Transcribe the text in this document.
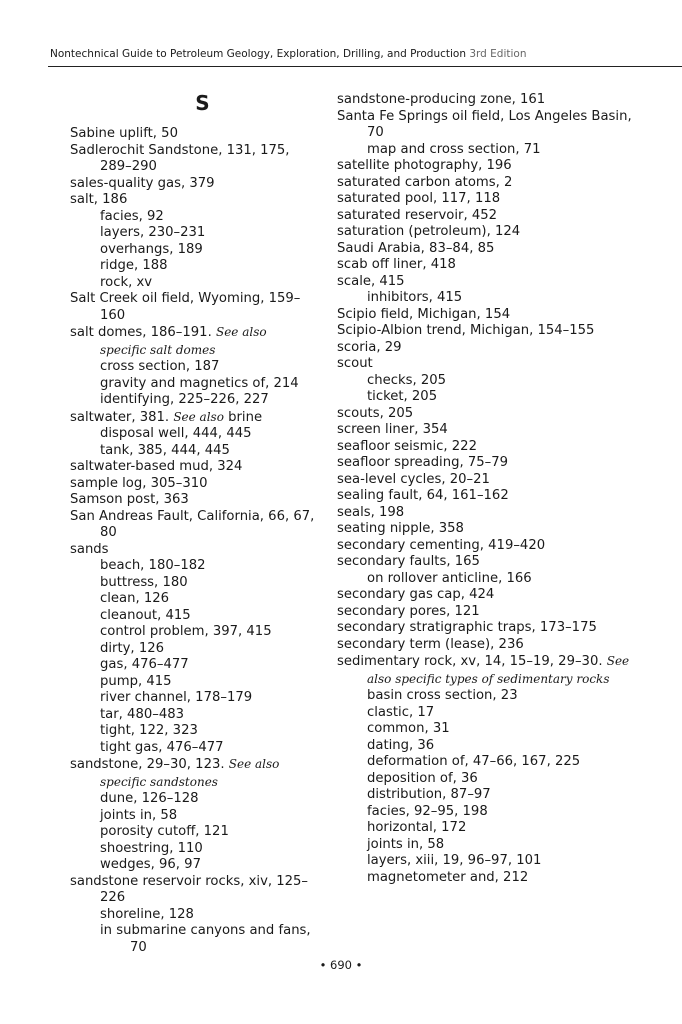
Nontechnical Guide to Petroleum Geology, Exploration, Drilling, and Production 3rd Edition
S
Sabine uplift, 50
Sadlerochit Sandstone, 131, 175, 289–290
sales-quality gas, 379
salt, 186
facies, 92
layers, 230–231
overhangs, 189
ridge, 188
rock, xv
Salt Creek oil field, Wyoming, 159–160
salt domes, 186–191. See also specific salt domes
cross section, 187
gravity and magnetics of, 214
identifying, 225–226, 227
saltwater, 381. See also brine
disposal well, 444, 445
tank, 385, 444, 445
saltwater-based mud, 324
sample log, 305–310
Samson post, 363
San Andreas Fault, California, 66, 67, 80
sands
beach, 180–182
buttress, 180
clean, 126
cleanout, 415
control problem, 397, 415
dirty, 126
gas, 476–477
pump, 415
river channel, 178–179
tar, 480–483
tight, 122, 323
tight gas, 476–477
sandstone, 29–30, 123. See also specific sandstones
dune, 126–128
joints in, 58
porosity cutoff, 121
shoestring, 110
wedges, 96, 97
sandstone reservoir rocks, xiv, 125–226
shoreline, 128
in submarine canyons and fans, 70
sandstone-producing zone, 161
Santa Fe Springs oil field, Los Angeles Basin, 70
map and cross section, 71
satellite photography, 196
saturated carbon atoms, 2
saturated pool, 117, 118
saturated reservoir, 452
saturation (petroleum), 124
Saudi Arabia, 83–84, 85
scab off liner, 418
scale, 415
inhibitors, 415
Scipio field, Michigan, 154
Scipio-Albion trend, Michigan, 154–155
scoria, 29
scout
checks, 205
ticket, 205
scouts, 205
screen liner, 354
seafloor seismic, 222
seafloor spreading, 75–79
sea-level cycles, 20–21
sealing fault, 64, 161–162
seals, 198
seating nipple, 358
secondary cementing, 419–420
secondary faults, 165
on rollover anticline, 166
secondary gas cap, 424
secondary pores, 121
secondary stratigraphic traps, 173–175
secondary term (lease), 236
sedimentary rock, xv, 14, 15–19, 29–30. See also specific types of sedimentary rocks
basin cross section, 23
clastic, 17
common, 31
dating, 36
deformation of, 47–66, 167, 225
deposition of, 36
distribution, 87–97
facies, 92–95, 198
horizontal, 172
joints in, 58
layers, xiii, 19, 96–97, 101
magnetometer and, 212
• 690 •
